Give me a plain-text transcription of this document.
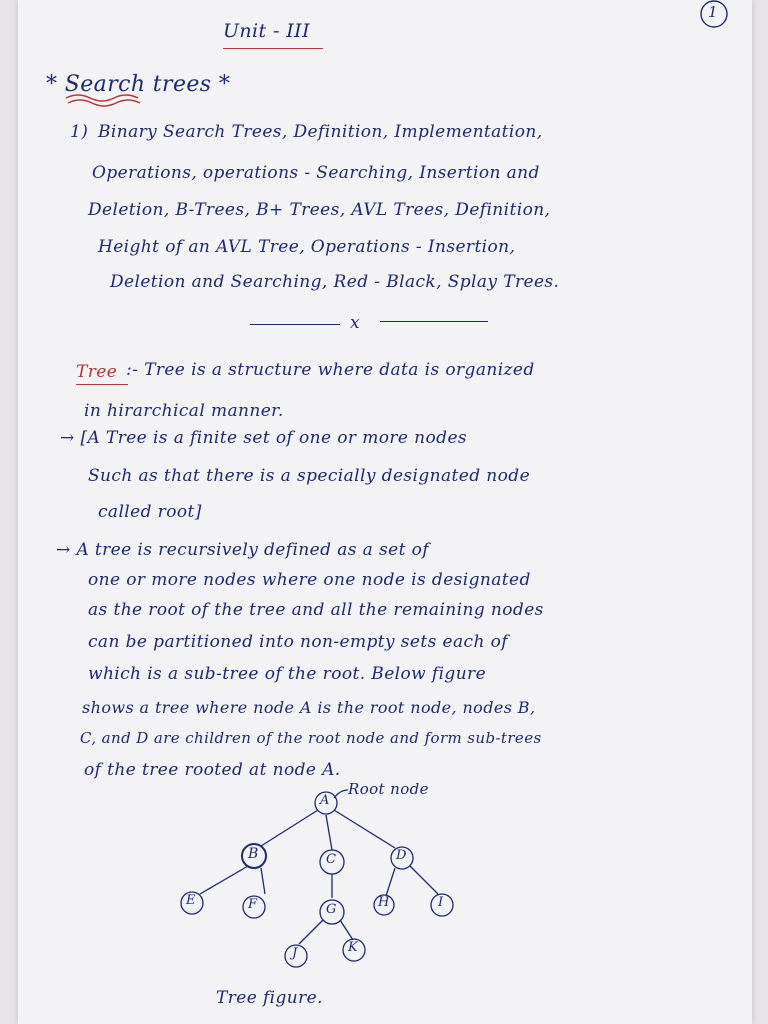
1
Unit - III
* Search trees *
1) Binary Search Trees, Definition, Implementation,
Operations, operations - Searching, Insertion and
Deletion, B-Trees, B+ Trees, AVL Trees, Definition,
Height of an AVL Tree, Operations - Insertion,
Deletion and Searching, Red - Black, Splay Trees.
x
Tree :- Tree is a structure where data is organized
in hirarchical manner.
→ [A Tree is a finite set of one or more nodes
Such as that there is a specially designated node
called root]
→ A tree is recursively defined as a set of
one or more nodes where one node is designated
as the root of the tree and all the remaining nodes
can be partitioned into non-empty sets each of
which is a sub-tree of the root. Below figure
shows a tree where node A is the root node, nodes B,
C, and D are children of the root node and form sub-trees
of the tree rooted at node A.
Root node
A
B	C	D
E	F	G	H	I
J	K
Tree figure.
